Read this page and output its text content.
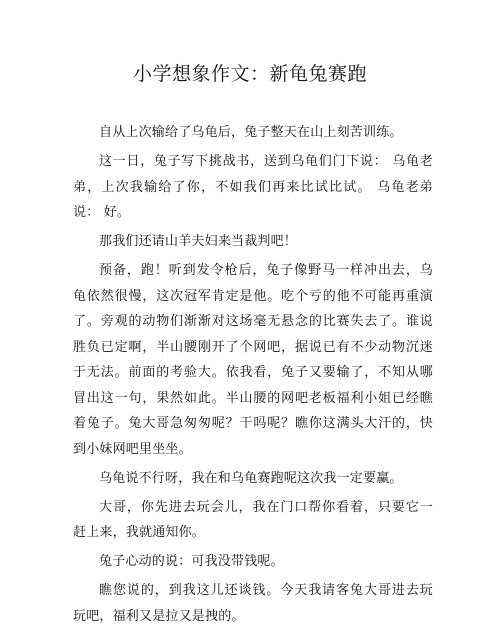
小学想象作文：新龟兔赛跑

自从上次输给了乌龟后，兔子整天在山上刻苦训练。

这一日，兔子写下挑战书，送到乌龟们门下说： 乌龟老 弟，上次我输给了你，不如我们再来比试比试。 乌龟老弟说： 好。

那我们还请山羊夫妇来当裁判吧！

预备，跑！听到发令枪后，兔子像野马一样冲出去，乌 龟依然很慢，这次冠军肯定是他。吃个亏的他不可能再重演 了。旁观的动物们渐渐对这场毫无悬念的比赛失去了。谁说 胜负已定啊，半山腰刚开了个网吧，据说已有不少动物沉迷 于无法。前面的考验大。依我看，兔子又要输了，不知从哪 冒出这一句，果然如此。半山腰的网吧老板福利小姐已经瞧 着兔子。兔大哥急匆匆呢？干吗呢？瞧你这满头大汗的，快 到小妹网吧里坐坐。

乌龟说不行呀，我在和乌龟赛跑呢这次我一定要赢。

大哥，你先进去玩会儿，我在门口帮你看着，只要它一 赶上来，我就通知你。

兔子心动的说：可我没带钱呢。

瞧您说的，到我这儿还谈钱。今天我请客兔大哥进去玩 玩吧，福利又是拉又是拽的。
